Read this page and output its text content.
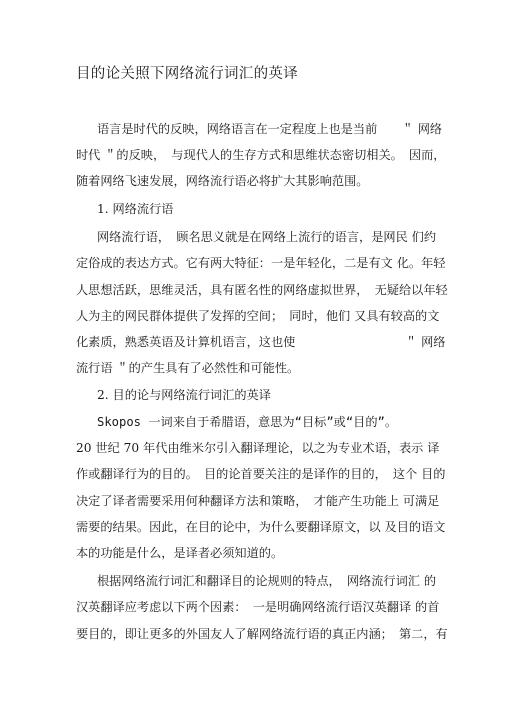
目的论关照下网络流行词汇的英译
语言是时代的反映，网络语言在一定程度上也是当前　　＂ 网络
时代 ＂的反映，　与现代人的生存方式和思维状态密切相关。　因而，
随着网络飞速发展，网络流行语必将扩大其影响范围。
1. 网络流行语
网络流行语，　顾名思义就是在网络上流行的语言，是网民 们约
定俗成的表达方式。它有两大特征：一是年轻化，二是有文 化。年轻
人思想活跃，思维灵活，具有匿名性的网络虚拟世界，　无疑给以年轻
人为主的网民群体提供了发挥的空间；　同时，他们 又具有较高的文
化素质，熟悉英语及计算机语言，这也使　　　　　　　　　＂ 网络
流行语 ＂的产生具有了必然性和可能性。
2. 目的论与网络流行词汇的英译
Skopos 一词来自于希腊语，意思为“目标”或“目的”。
20 世纪 70 年代由维米尔引入翻译理论，以之为专业术语，表示 译
作或翻译行为的目的。　目的论首要关注的是译作的目的，　这个 目的
决定了译者需要采用何种翻译方法和策略，　才能产生功能上 可满足
需要的结果。因此，在目的论中，为什么要翻译原文，以 及目的语文
本的功能是什么，是译者必须知道的。
根据网络流行词汇和翻译目的论规则的特点，　网络流行词汇 的
汉英翻译应考虑以下两个因素：　一是明确网络流行语汉英翻译 的首
要目的，即让更多的外国友人了解网络流行语的真正内涵；　第二，有
